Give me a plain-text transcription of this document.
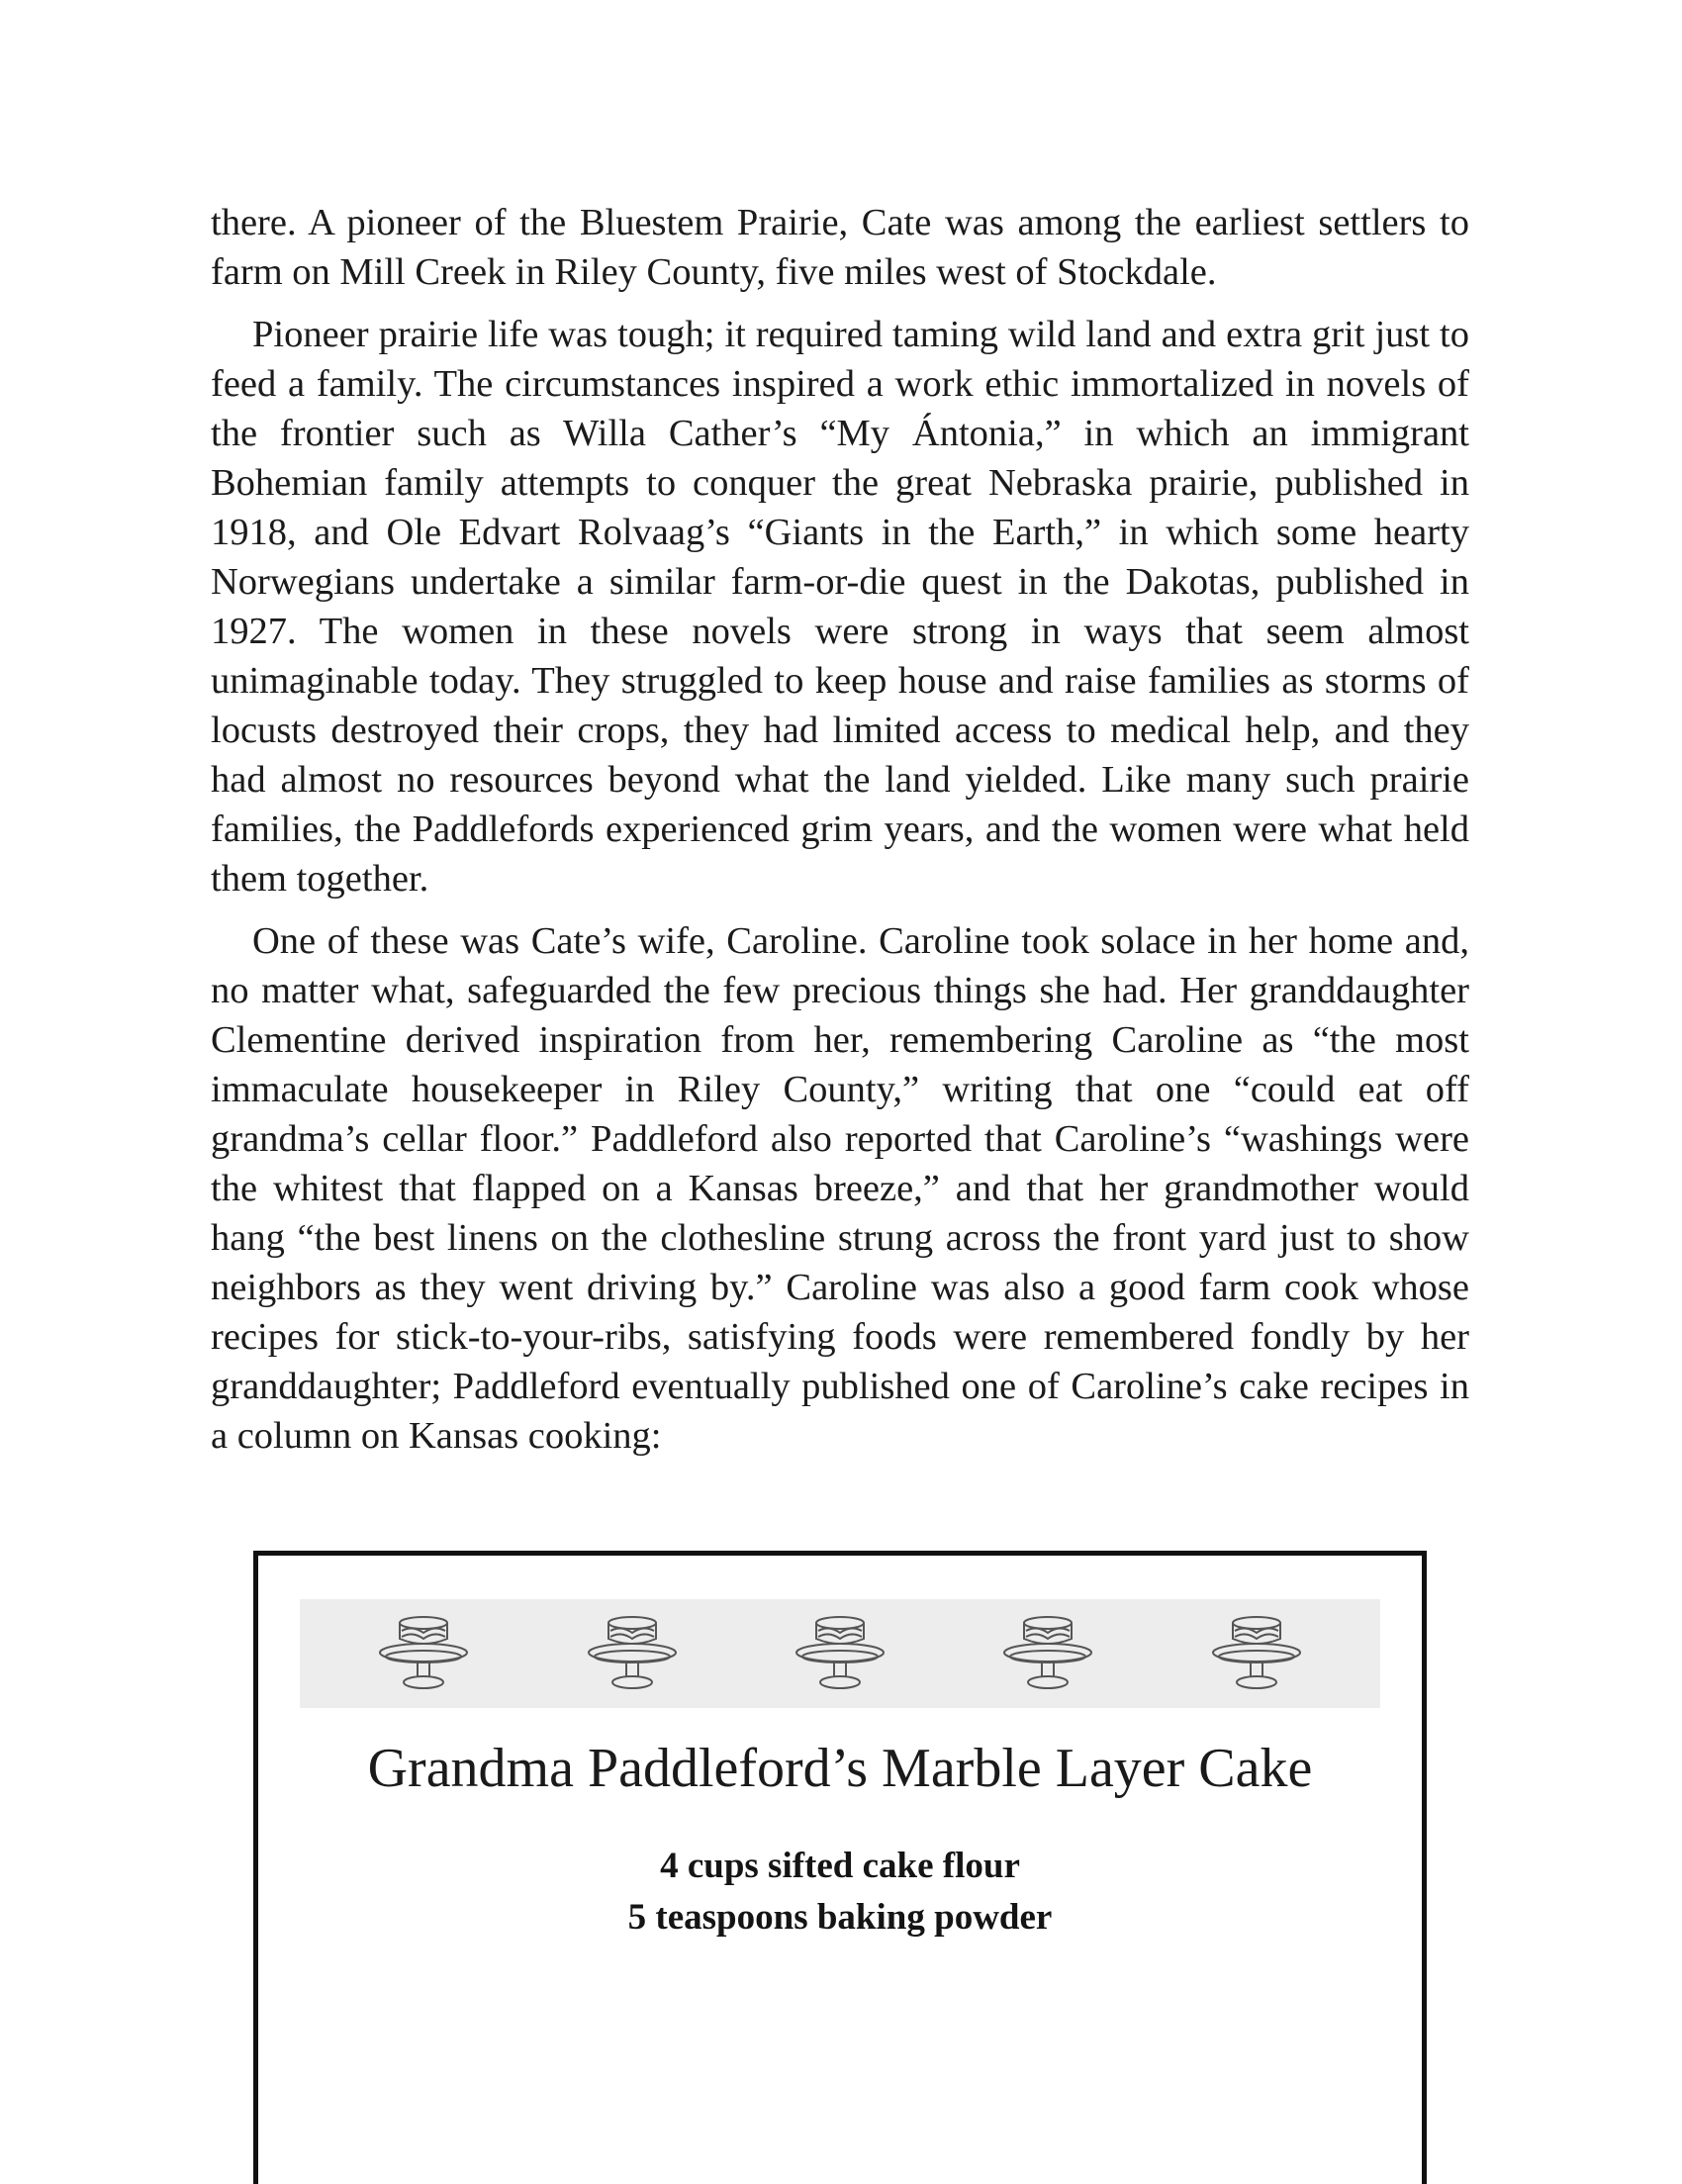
there. A pioneer of the Bluestem Prairie, Cate was among the earliest settlers to farm on Mill Creek in Riley County, five miles west of Stockdale.

Pioneer prairie life was tough; it required taming wild land and extra grit just to feed a family. The circumstances inspired a work ethic immortalized in novels of the frontier such as Willa Cather’s “My Ántonia,” in which an immigrant Bohemian family attempts to conquer the great Nebraska prairie, published in 1918, and Ole Edvart Rolvaag’s “Giants in the Earth,” in which some hearty Norwegians undertake a similar farm-or-die quest in the Dakotas, published in 1927. The women in these novels were strong in ways that seem almost unimaginable today. They struggled to keep house and raise families as storms of locusts destroyed their crops, they had limited access to medical help, and they had almost no resources beyond what the land yielded. Like many such prairie families, the Paddlefords experienced grim years, and the women were what held them together.

One of these was Cate’s wife, Caroline. Caroline took solace in her home and, no matter what, safeguarded the few precious things she had. Her granddaughter Clementine derived inspiration from her, remembering Caroline as “the most immaculate housekeeper in Riley County,” writing that one “could eat off grandma’s cellar floor.” Paddleford also reported that Caroline’s “washings were the whitest that flapped on a Kansas breeze,” and that her grandmother would hang “the best linens on the clothesline strung across the front yard just to show neighbors as they went driving by.” Caroline was also a good farm cook whose recipes for stick-to-your-ribs, satisfying foods were remembered fondly by her granddaughter; Paddleford eventually published one of Caroline’s cake recipes in a column on Kansas cooking:

Grandma Paddleford’s Marble Layer Cake
4 cups sifted cake flour
5 teaspoons baking powder
